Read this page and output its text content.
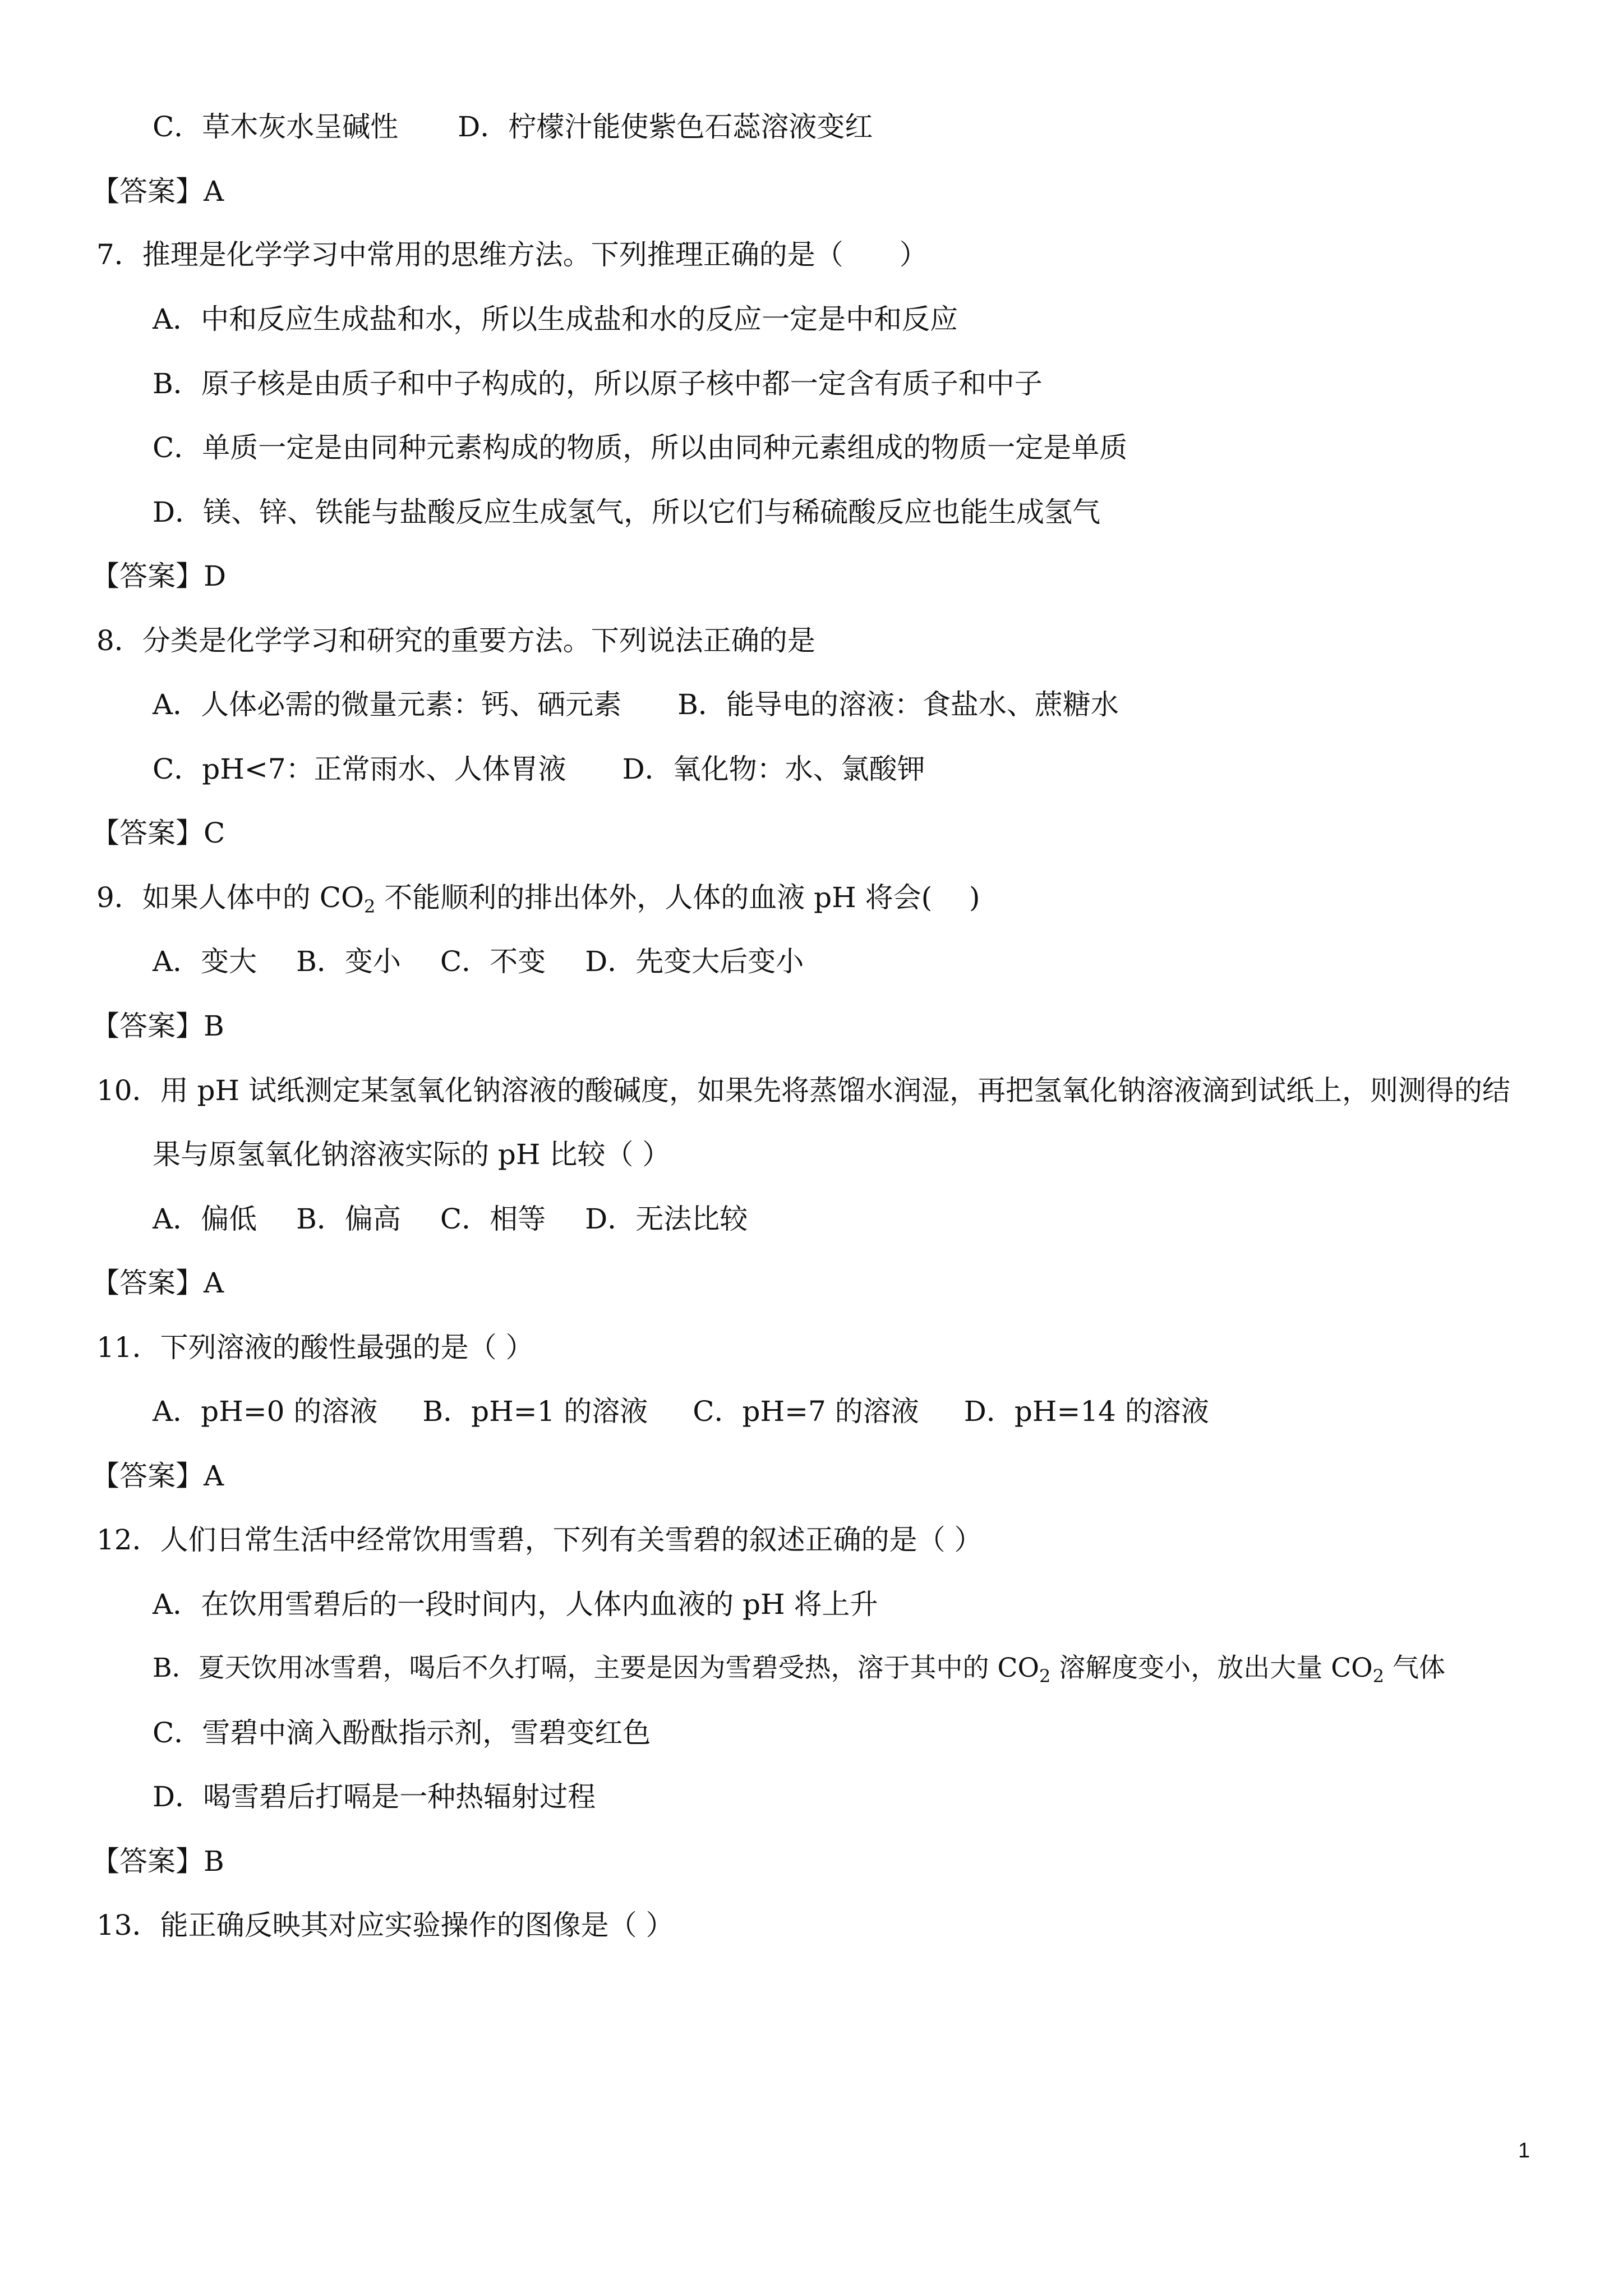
C．草木灰水呈碱性 D．柠檬汁能使紫色石蕊溶液变红
【答案】A
7．推理是化学学习中常用的思维方法。下列推理正确的是（　　）
A．中和反应生成盐和水，所以生成盐和水的反应一定是中和反应
B．原子核是由质子和中子构成的，所以原子核中都一定含有质子和中子
C．单质一定是由同种元素构成的物质，所以由同种元素组成的物质一定是单质
D．镁、锌、铁能与盐酸反应生成氢气，所以它们与稀硫酸反应也能生成氢气
【答案】D
8．分类是化学学习和研究的重要方法。下列说法正确的是
A．人体必需的微量元素：钙、硒元素 B．能导电的溶液：食盐水、蔗糖水
C．pH<7：正常雨水、人体胃液 D．氧化物：水、氯酸钾
【答案】C
9．如果人体中的 $CO_2$ 不能顺利的排出体外，人体的血液 pH 将会(　 )
A．变大 B．变小 C．不变 D．先变大后变小
【答案】B
10．用 pH 试纸测定某氢氧化钠溶液的酸碱度，如果先将蒸馏水润湿，再把氢氧化钠溶液滴到试纸上，则测得的结
果与原氢氧化钠溶液实际的 pH 比较（ ）
A．偏低 B．偏高 C．相等 D．无法比较
【答案】A
11．下列溶液的酸性最强的是（ ）
A．pH=0 的溶液 B．pH=1 的溶液 C．pH=7 的溶液 D．pH=14 的溶液
【答案】A
12．人们日常生活中经常饮用雪碧，下列有关雪碧的叙述正确的是（ ）
A．在饮用雪碧后的一段时间内，人体内血液的 pH 将上升
B．夏天饮用冰雪碧，喝后不久打嗝，主要是因为雪碧受热，溶于其中的 $CO_2$ 溶解度变小，放出大量 $CO_2$ 气体
C．雪碧中滴入酚酞指示剂，雪碧变红色
D．喝雪碧后打嗝是一种热辐射过程
【答案】B
13．能正确反映其对应实验操作的图像是（ ）
1
